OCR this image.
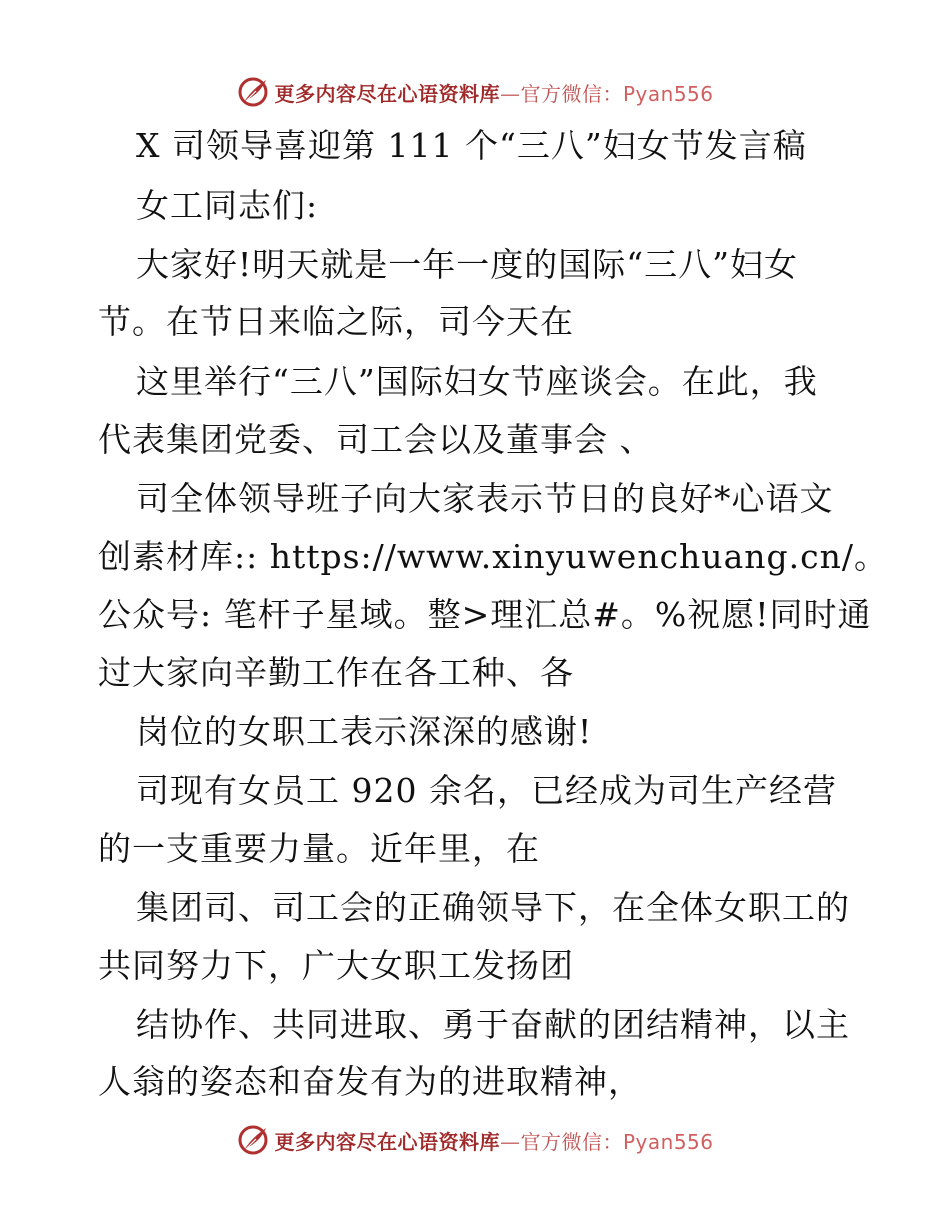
更多内容尽在心语资料库—官方微信：Pyan556
X 司领导喜迎第 111 个“三八”妇女节发言稿
女工同志们:
大家好!明天就是一年一度的国际“三八”妇女
节。在节日来临之际，司今天在
这里举行“三八”国际妇女节座谈会。在此，我
代表集团党委、司工会以及董事会 、
司全体领导班子向大家表示节日的良好*心语文
创素材库:: https://www.xinyuwenchuang.cn/。
公众号: 笔杆子星域。整>理汇总#。%祝愿!同时通
过大家向辛勤工作在各工种、各
岗位的女职工表示深深的感谢!
司现有女员工 920 余名，已经成为司生产经营
的一支重要力量。近年里，在
集团司、司工会的正确领导下，在全体女职工的
共同努力下，广大女职工发扬团
结协作、共同进取、勇于奋献的团结精神，以主
人翁的姿态和奋发有为的进取精神，
更多内容尽在心语资料库—官方微信：Pyan556
